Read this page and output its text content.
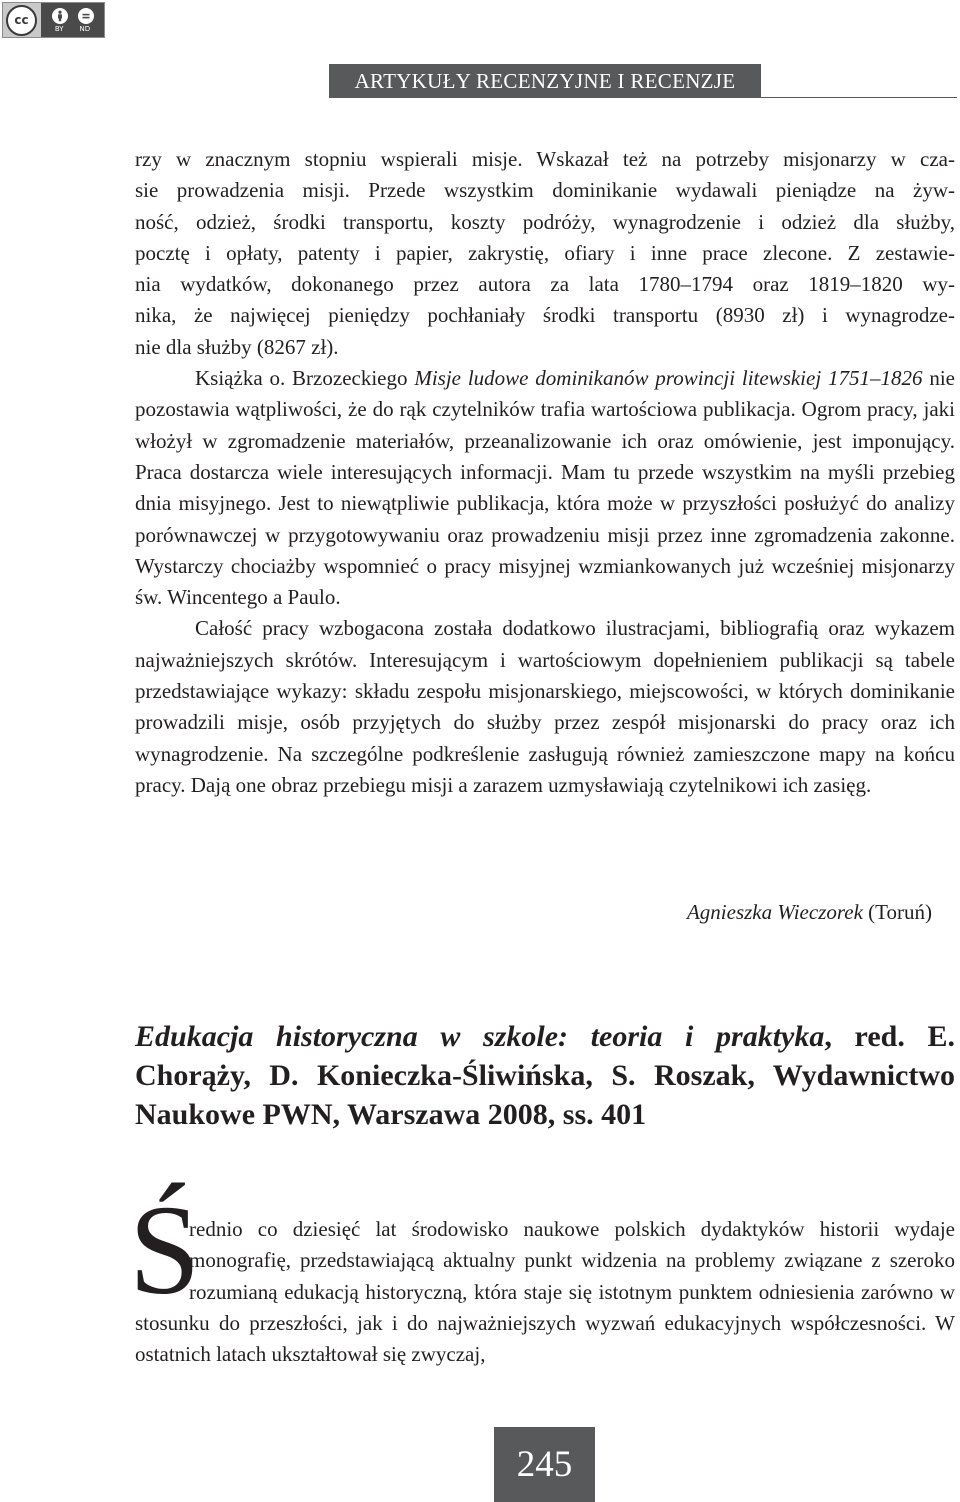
cc
BY ND
ARTYKUŁY RECENZYJNE I RECENZJE

rzy w znacznym stopniu wspierali misje. Wskazał też na potrzeby misjonarzy w cza-
sie prowadzenia misji. Przede wszystkim dominikanie wydawali pieniądze na żyw-
ność, odzież, środki transportu, koszty podróży, wynagrodzenie i odzież dla służby,
pocztę i opłaty, patenty i papier, zakrystię, ofiary i inne prace zlecone. Z zestawie-
nia wydatków, dokonanego przez autora za lata 1780–1794 oraz 1819–1820 wy-
nika, że najwięcej pieniędzy pochłaniały środki transportu (8930 zł) i wynagrodze-

nie dla służby (8267 zł).

Książka o. Brzozeckiego Misje ludowe dominikanów prowincji litewskiej 1751–1826 nie pozostawia wątpliwości, że do rąk czytelników trafia wartościowa publikacja. Ogrom pracy, jaki włożył w zgromadzenie materiałów, przeanalizowanie ich oraz omówienie, jest imponujący. Praca dostarcza wiele interesujących informacji. Mam tu przede wszystkim na myśli przebieg dnia misyjnego. Jest to niewątpliwie publikacja, która może w przyszłości posłużyć do analizy porównawczej w przygotowywaniu oraz prowadzeniu misji przez inne zgromadzenia zakonne. Wystarczy chociażby wspomnieć o pracy misyjnej wzmiankowanych już wcześniej misjonarzy św. Wincentego a Paulo.

Całość pracy wzbogacona została dodatkowo ilustracjami, bibliografią oraz wykazem najważniejszych skrótów. Interesującym i wartościowym dopełnieniem publikacji są tabele przedstawiające wykazy: składu zespołu misjonarskiego, miejscowości, w których dominikanie prowadzili misje, osób przyjętych do służby przez zespół misjonarski do pracy oraz ich wynagrodzenie. Na szczególne podkreślenie zasługują również zamieszczone mapy na końcu pracy. Dają one obraz przebiegu misji a zarazem uzmysławiają czytelnikowi ich zasięg.

Agnieszka Wieczorek (Toruń)
Edukacja historyczna w szkole: teoria i praktyka, red. E. Chorąży, D. Konieczka-Śliwińska, S. Roszak, Wydawnictwo Naukowe PWN, Warszawa 2008, ss. 401
Ś

rednio co dziesięć lat środowisko naukowe polskich dydaktyków historii wydaje monografię, przedstawiającą aktualny punkt widzenia na problemy związane z szeroko rozumianą edukacją historyczną, która staje się istotnym punktem odniesienia zarówno w stosunku do przeszłości, jak i do najważniejszych wyzwań edukacyjnych współczesności. W ostatnich latach ukształtował się zwyczaj,

245
